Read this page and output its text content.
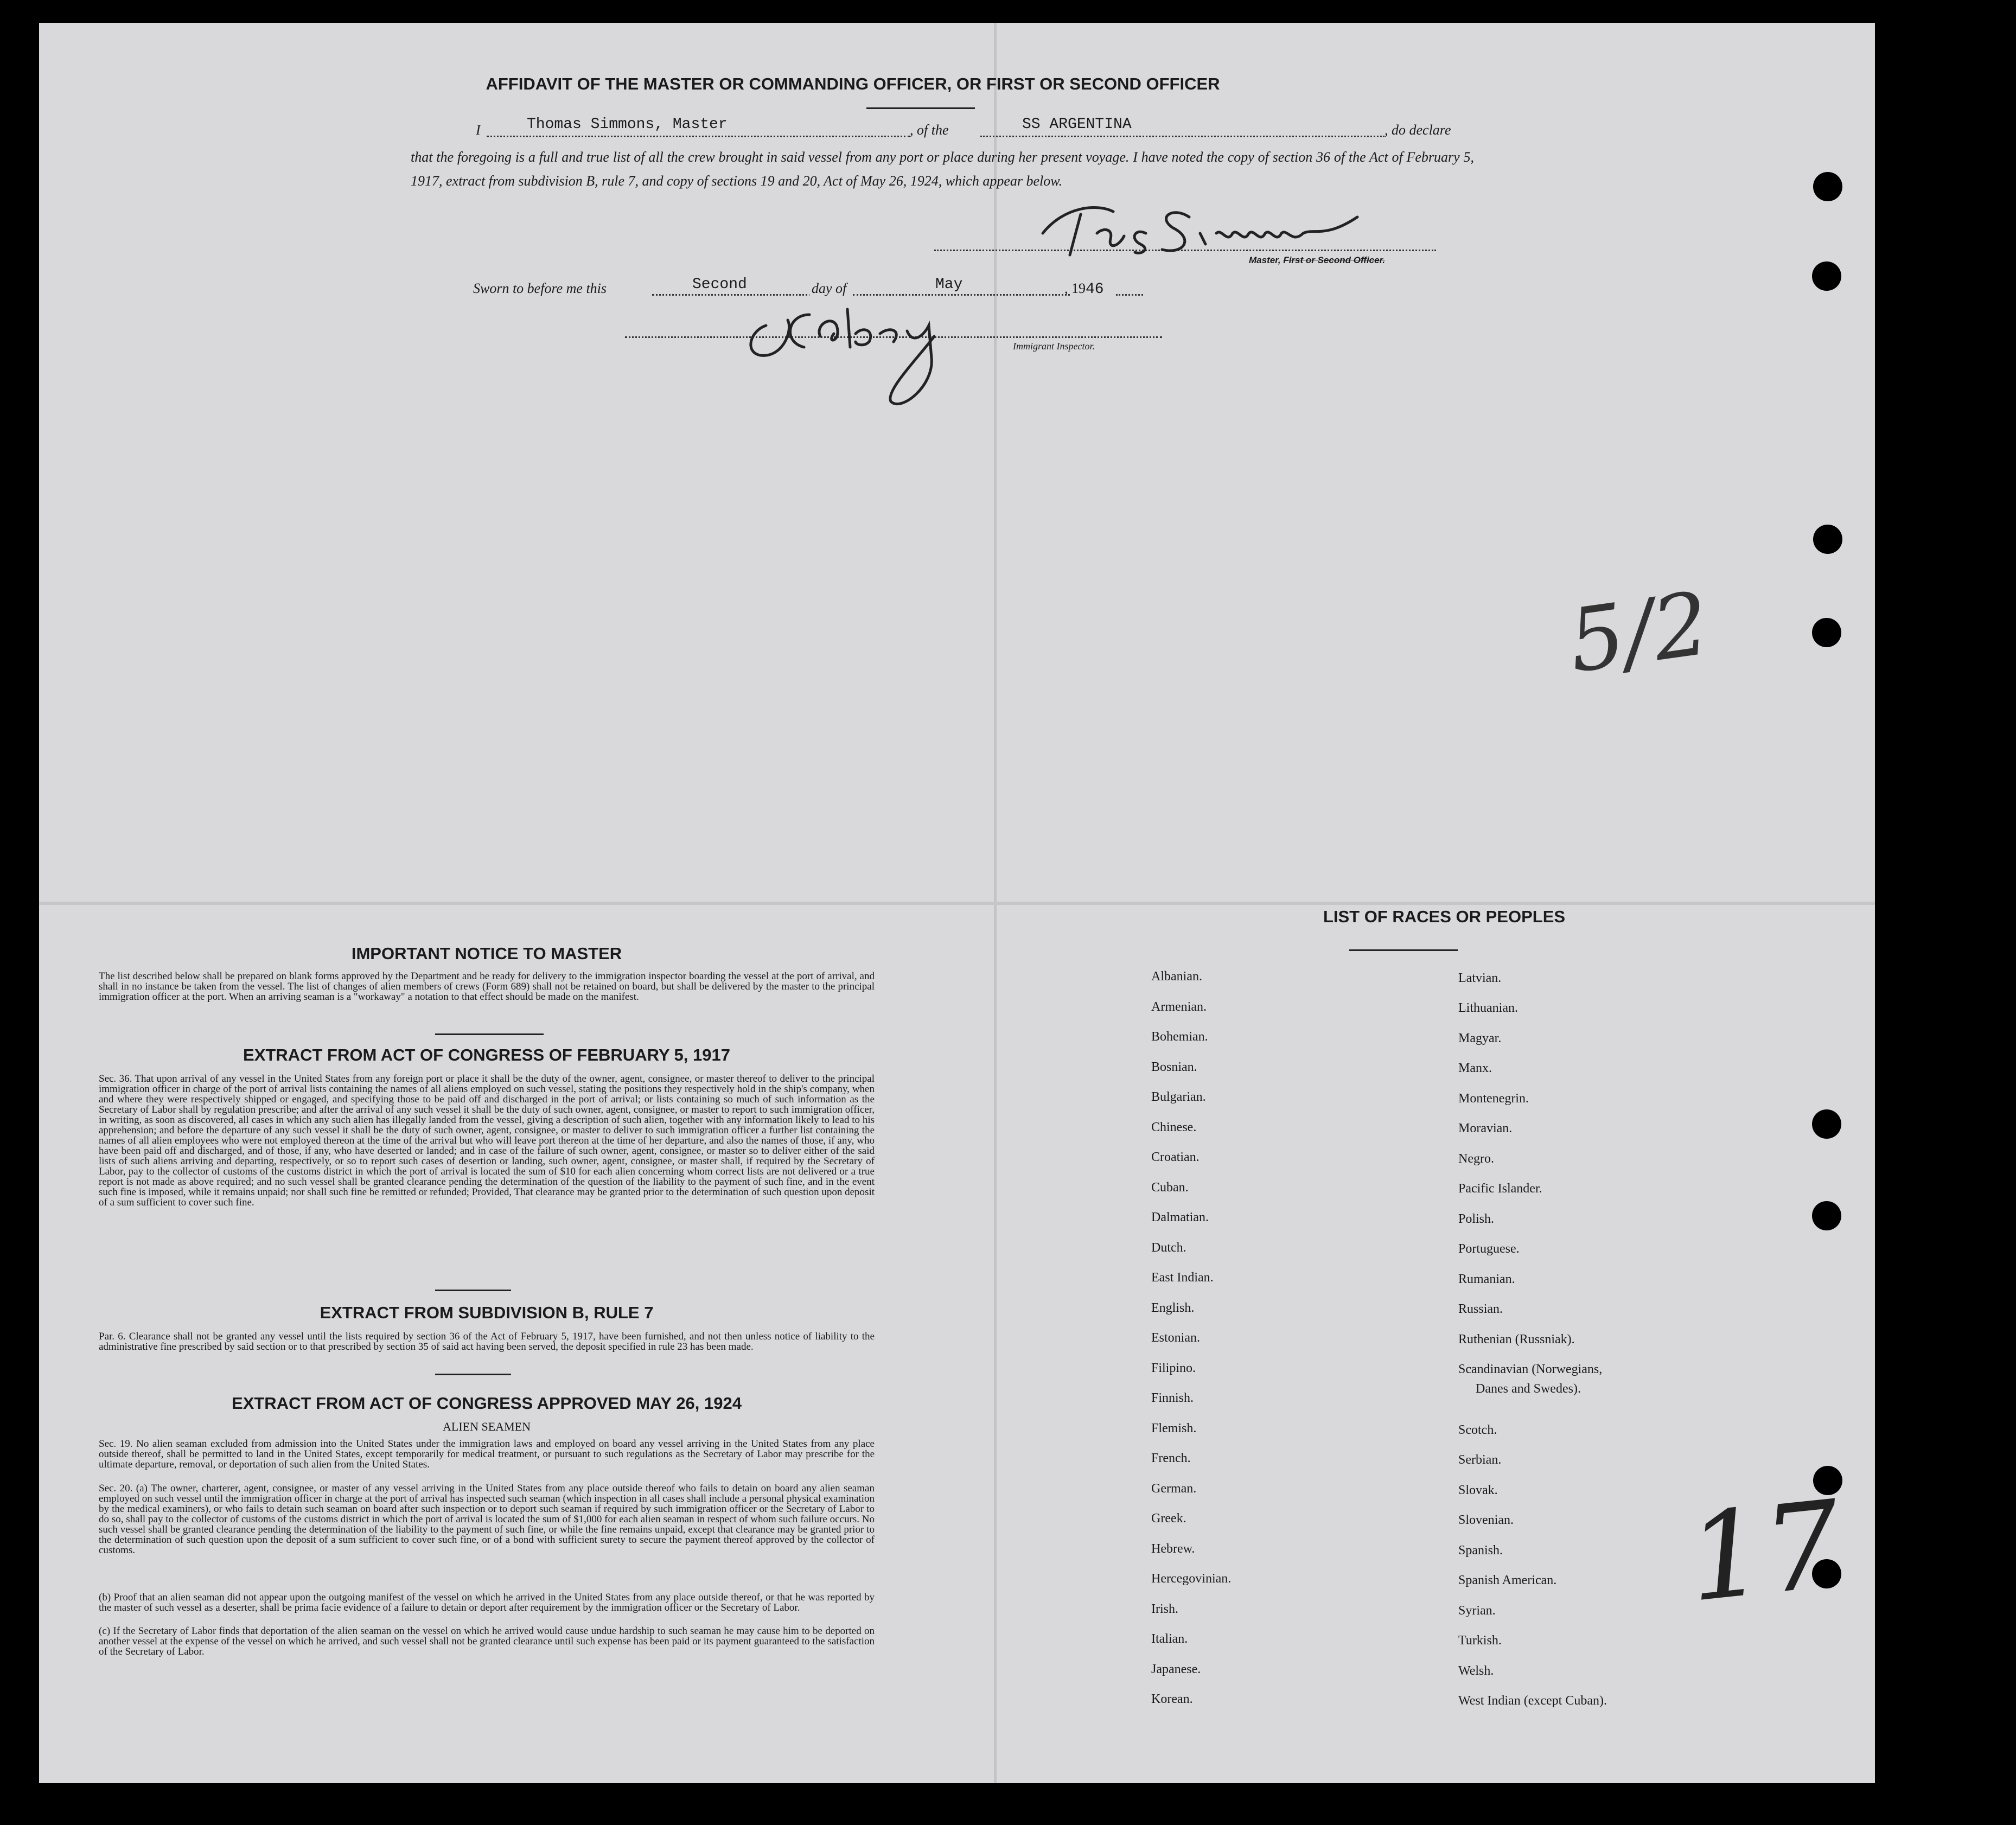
AFFIDAVIT OF THE MASTER OR COMMANDING OFFICER, OR FIRST OR SECOND OFFICER
I	Thomas Simmons, Master	, of the	SS ARGENTINA	, do declare
that the foregoing is a full and true list of all the crew brought in said vessel from any port or place during her present voyage. I have noted the copy of section 36 of the Act of February 5, 1917, extract from subdivision B, rule 7, and copy of sections 19 and 20, Act of May 26, 1924, which appear below.
Master, First or Second Officer.
Sworn to before me this	Second	day of	May	, 1946
Immigrant Inspector.
5/2
17
IMPORTANT NOTICE TO MASTER
The list described below shall be prepared on blank forms approved by the Department and be ready for delivery to the immigration inspector boarding the vessel at the port of arrival, and shall in no instance be taken from the vessel. The list of changes of alien members of crews (Form 689) shall not be retained on board, but shall be delivered by the master to the principal immigration officer at the port. When an arriving seaman is a "workaway" a notation to that effect should be made on the manifest.
EXTRACT FROM ACT OF CONGRESS OF FEBRUARY 5, 1917
Sec. 36. That upon arrival of any vessel in the United States from any foreign port or place it shall be the duty of the owner, agent, consignee, or master thereof to deliver to the principal immigration officer in charge of the port of arrival lists containing the names of all aliens employed on such vessel, stating the positions they respectively hold in the ship's company, when and where they were respectively shipped or engaged, and specifying those to be paid off and discharged in the port of arrival; or lists containing so much of such information as the Secretary of Labor shall by regulation prescribe; and after the arrival of any such vessel it shall be the duty of such owner, agent, consignee, or master to report to such immigration officer, in writing, as soon as discovered, all cases in which any such alien has illegally landed from the vessel, giving a description of such alien, together with any information likely to lead to his apprehension; and before the departure of any such vessel it shall be the duty of such owner, agent, consignee, or master to deliver to such immigration officer a further list containing the names of all alien employees who were not employed thereon at the time of the arrival but who will leave port thereon at the time of her departure, and also the names of those, if any, who have been paid off and discharged, and of those, if any, who have deserted or landed; and in case of the failure of such owner, agent, consignee, or master so to deliver either of the said lists of such aliens arriving and departing, respectively, or so to report such cases of desertion or landing, such owner, agent, consignee, or master shall, if required by the Secretary of Labor, pay to the collector of customs of the customs district in which the port of arrival is located the sum of $10 for each alien concerning whom correct lists are not delivered or a true report is not made as above required; and no such vessel shall be granted clearance pending the determination of the question of the liability to the payment of such fine, and in the event such fine is imposed, while it remains unpaid; nor shall such fine be remitted or refunded; Provided, That clearance may be granted prior to the determination of such question upon deposit of a sum sufficient to cover such fine.
EXTRACT FROM SUBDIVISION B, RULE 7
Par. 6. Clearance shall not be granted any vessel until the lists required by section 36 of the Act of February 5, 1917, have been furnished, and not then unless notice of liability to the administrative fine prescribed by said section or to that prescribed by section 35 of said act having been served, the deposit specified in rule 23 has been made.
EXTRACT FROM ACT OF CONGRESS APPROVED MAY 26, 1924
ALIEN SEAMEN
Sec. 19. No alien seaman excluded from admission into the United States under the immigration laws and employed on board any vessel arriving in the United States from any place outside thereof, shall be permitted to land in the United States, except temporarily for medical treatment, or pursuant to such regulations as the Secretary of Labor may prescribe for the ultimate departure, removal, or deportation of such alien from the United States.
Sec. 20. (a) The owner, charterer, agent, consignee, or master of any vessel arriving in the United States from any place outside thereof who fails to detain on board any alien seaman employed on such vessel until the immigration officer in charge at the port of arrival has inspected such seaman (which inspection in all cases shall include a personal physical examination by the medical examiners), or who fails to detain such seaman on board after such inspection or to deport such seaman if required by such immigration officer or the Secretary of Labor to do so, shall pay to the collector of customs of the customs district in which the port of arrival is located the sum of $1,000 for each alien seaman in respect of whom such failure occurs. No such vessel shall be granted clearance pending the determination of the liability to the payment of such fine, or while the fine remains unpaid, except that clearance may be granted prior to the determination of such question upon the deposit of a sum sufficient to cover such fine, or of a bond with sufficient surety to secure the payment thereof approved by the collector of customs.
(b) Proof that an alien seaman did not appear upon the outgoing manifest of the vessel on which he arrived in the United States from any place outside thereof, or that he was reported by the master of such vessel as a deserter, shall be prima facie evidence of a failure to detain or deport after requirement by the immigration officer or the Secretary of Labor.
(c) If the Secretary of Labor finds that deportation of the alien seaman on the vessel on which he arrived would cause undue hardship to such seaman he may cause him to be deported on another vessel at the expense of the vessel on which he arrived, and such vessel shall not be granted clearance until such expense has been paid or its payment guaranteed to the satisfaction of the Secretary of Labor.
LIST OF RACES OR PEOPLES
Albanian.
Armenian.
Bohemian.
Bosnian.
Bulgarian.
Chinese.
Croatian.
Cuban.
Dalmatian.
Dutch.
East Indian.
English.
Estonian.
Filipino.
Finnish.
Flemish.
French.
German.
Greek.
Hebrew.
Hercegovinian.
Irish.
Italian.
Japanese.
Korean.
Latvian.
Lithuanian.
Magyar.
Manx.
Montenegrin.
Moravian.
Negro.
Pacific Islander.
Polish.
Portuguese.
Rumanian.
Russian.
Ruthenian (Russniak).
Scandinavian (Norwegians,
Danes and Swedes).
Scotch.
Serbian.
Slovak.
Slovenian.
Spanish.
Spanish American.
Syrian.
Turkish.
Welsh.
West Indian (except Cuban).
